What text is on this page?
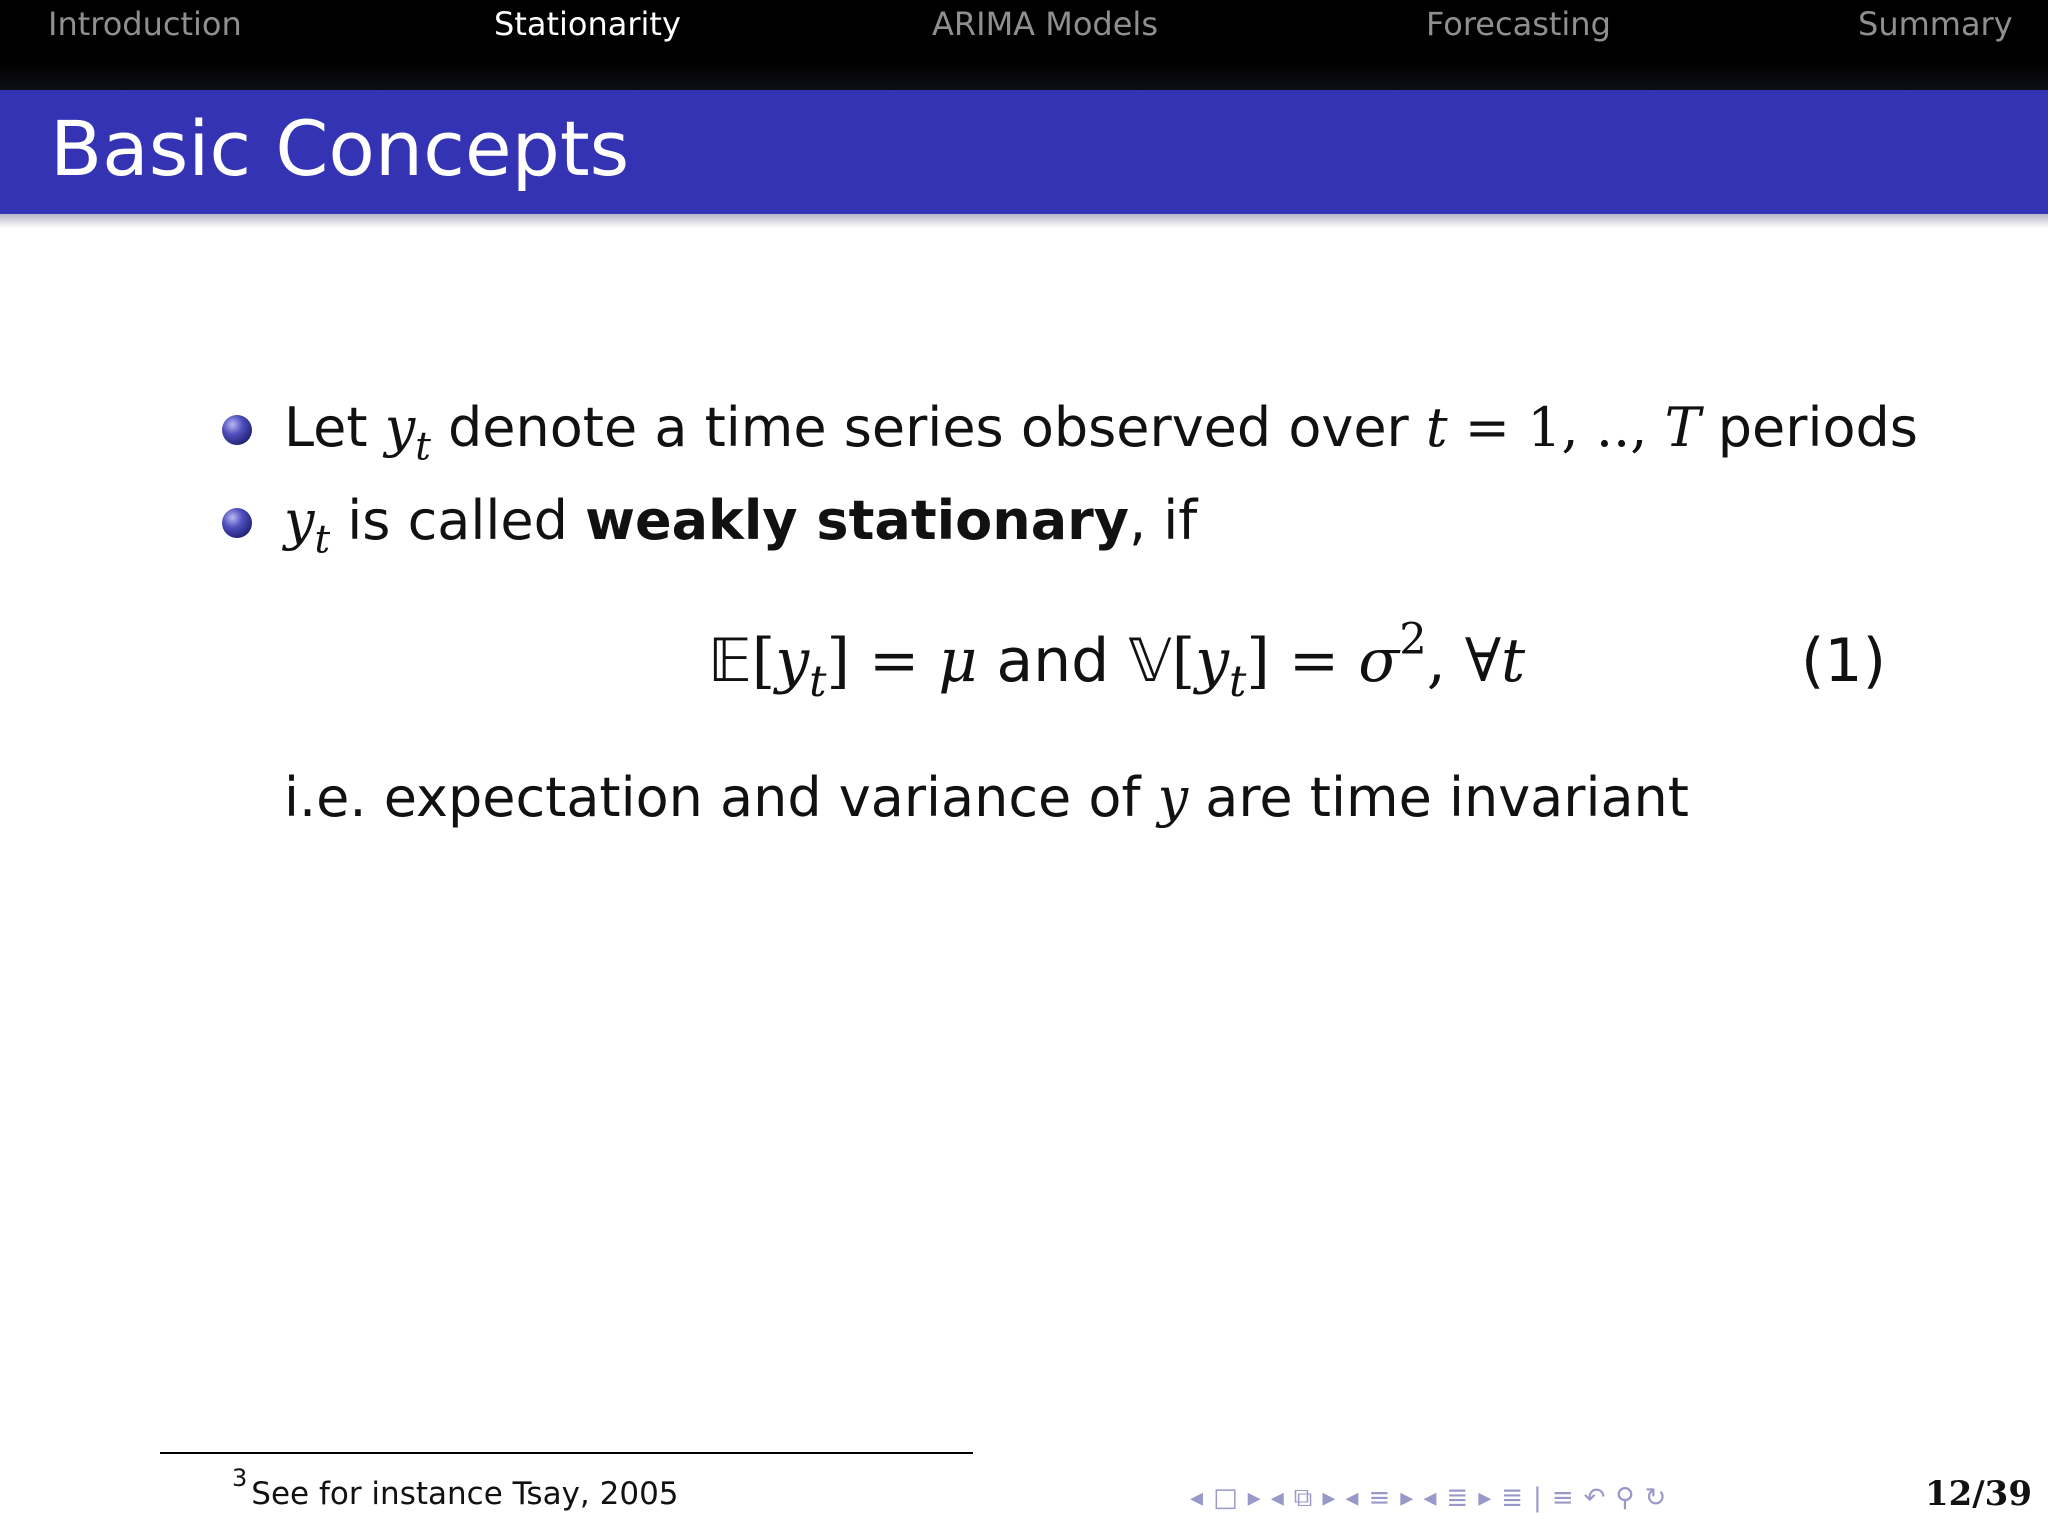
Introduction	Stationarity	ARIMA Models	Forecasting	Summary
Basic Concepts
Let $y_t$ denote a time series observed over t = 1, .., T periods
$y_t$ is called weakly stationary, if
$𝔼[y_t] = \mu$ and $𝕍[y_t] = \sigma^2$, ∀t	(1)
i.e. expectation and variance of y are time invariant
$^3$ See for instance Tsay, 2005	◂ □ ▸ ◂ ⧉ ▸ ◂ ≡ ▸ ◂ ≣ ▸ ≣ | ≡ ↶ ⚲ ↻	12/39
